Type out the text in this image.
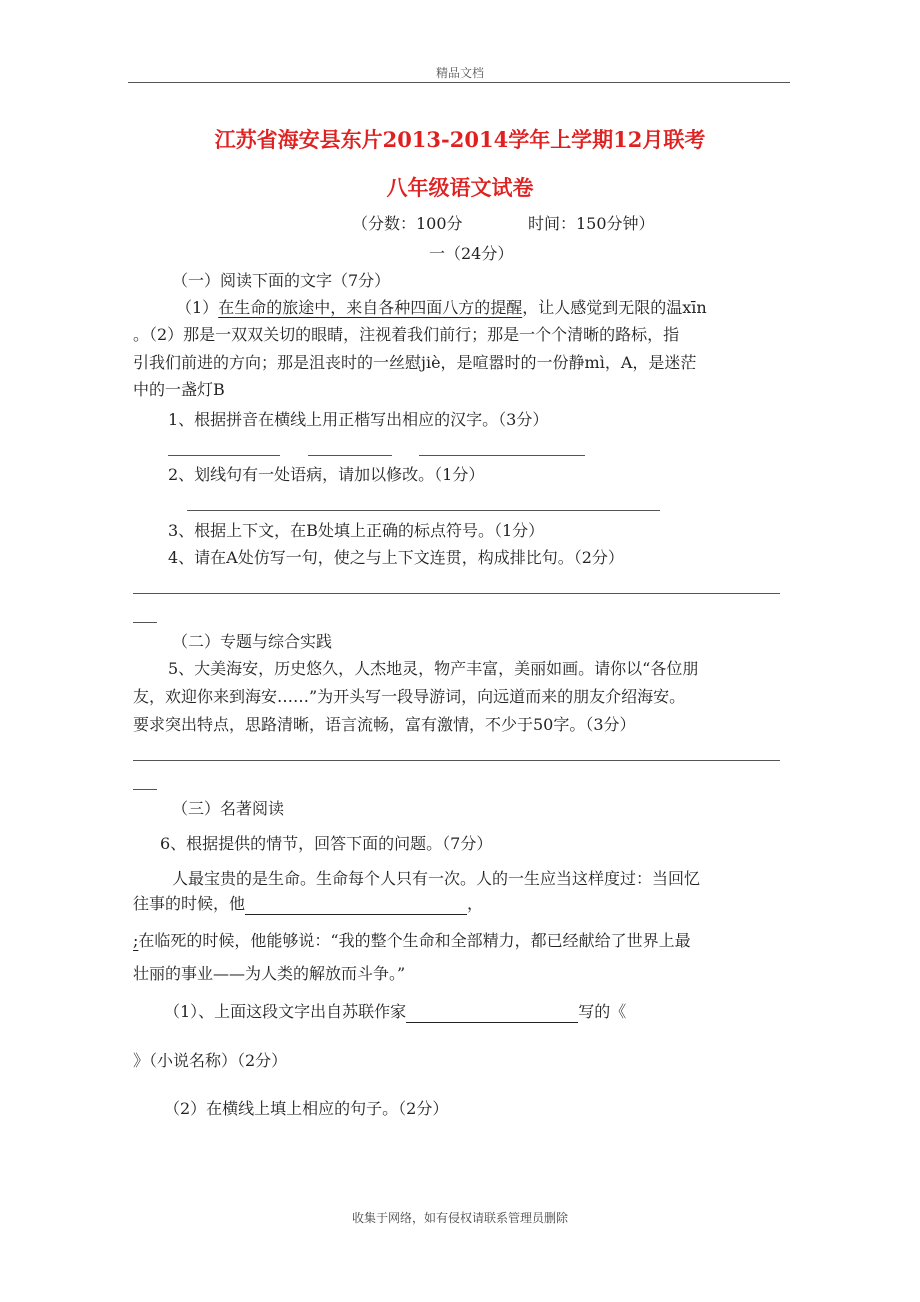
精品文档
江苏省海安县东片2013-2014学年上学期12月联考
八年级语文试卷
（分数：100分	时间：150分钟）
一（24分）
（一）阅读下面的文字（7分）
（1）在生命的旅途中，来自各种四面八方的提醒，让人感觉到无限的温xīn
。（2）那是一双双关切的眼睛，注视着我们前行；那是一个个清晰的路标，指
引我们前进的方向；那是沮丧时的一丝慰jiè，是喧嚣时的一份静mì，A，是迷茫
中的一盏灯B
1、根据拼音在横线上用正楷写出相应的汉字。（3分）
2、划线句有一处语病，请加以修改。（1分）
3、根据上下文，在B处填上正确的标点符号。（1分）
4、请在A处仿写一句，使之与上下文连贯，构成排比句。（2分）
（二）专题与综合实践
5、大美海安，历史悠久，人杰地灵，物产丰富，美丽如画。请你以“各位朋
友，欢迎你来到海安……”为开头写一段导游词，向远道而来的朋友介绍海安。
要求突出特点，思路清晰，语言流畅，富有激情，不少于50字。（3分）
（三）名著阅读
6、根据提供的情节，回答下面的问题。（7分）
人最宝贵的是生命。生命每个人只有一次。人的一生应当这样度过：当回忆
往事的时候，他	，
;在临死的时候，他能够说：“我的整个生命和全部精力，都已经献给了世界上最
壮丽的事业——为人类的解放而斗争。”
（1）、上面这段文字出自苏联作家	写的《
》（小说名称）（2分）
（2）在横线上填上相应的句子。（2分）
收集于网络，如有侵权请联系管理员删除
